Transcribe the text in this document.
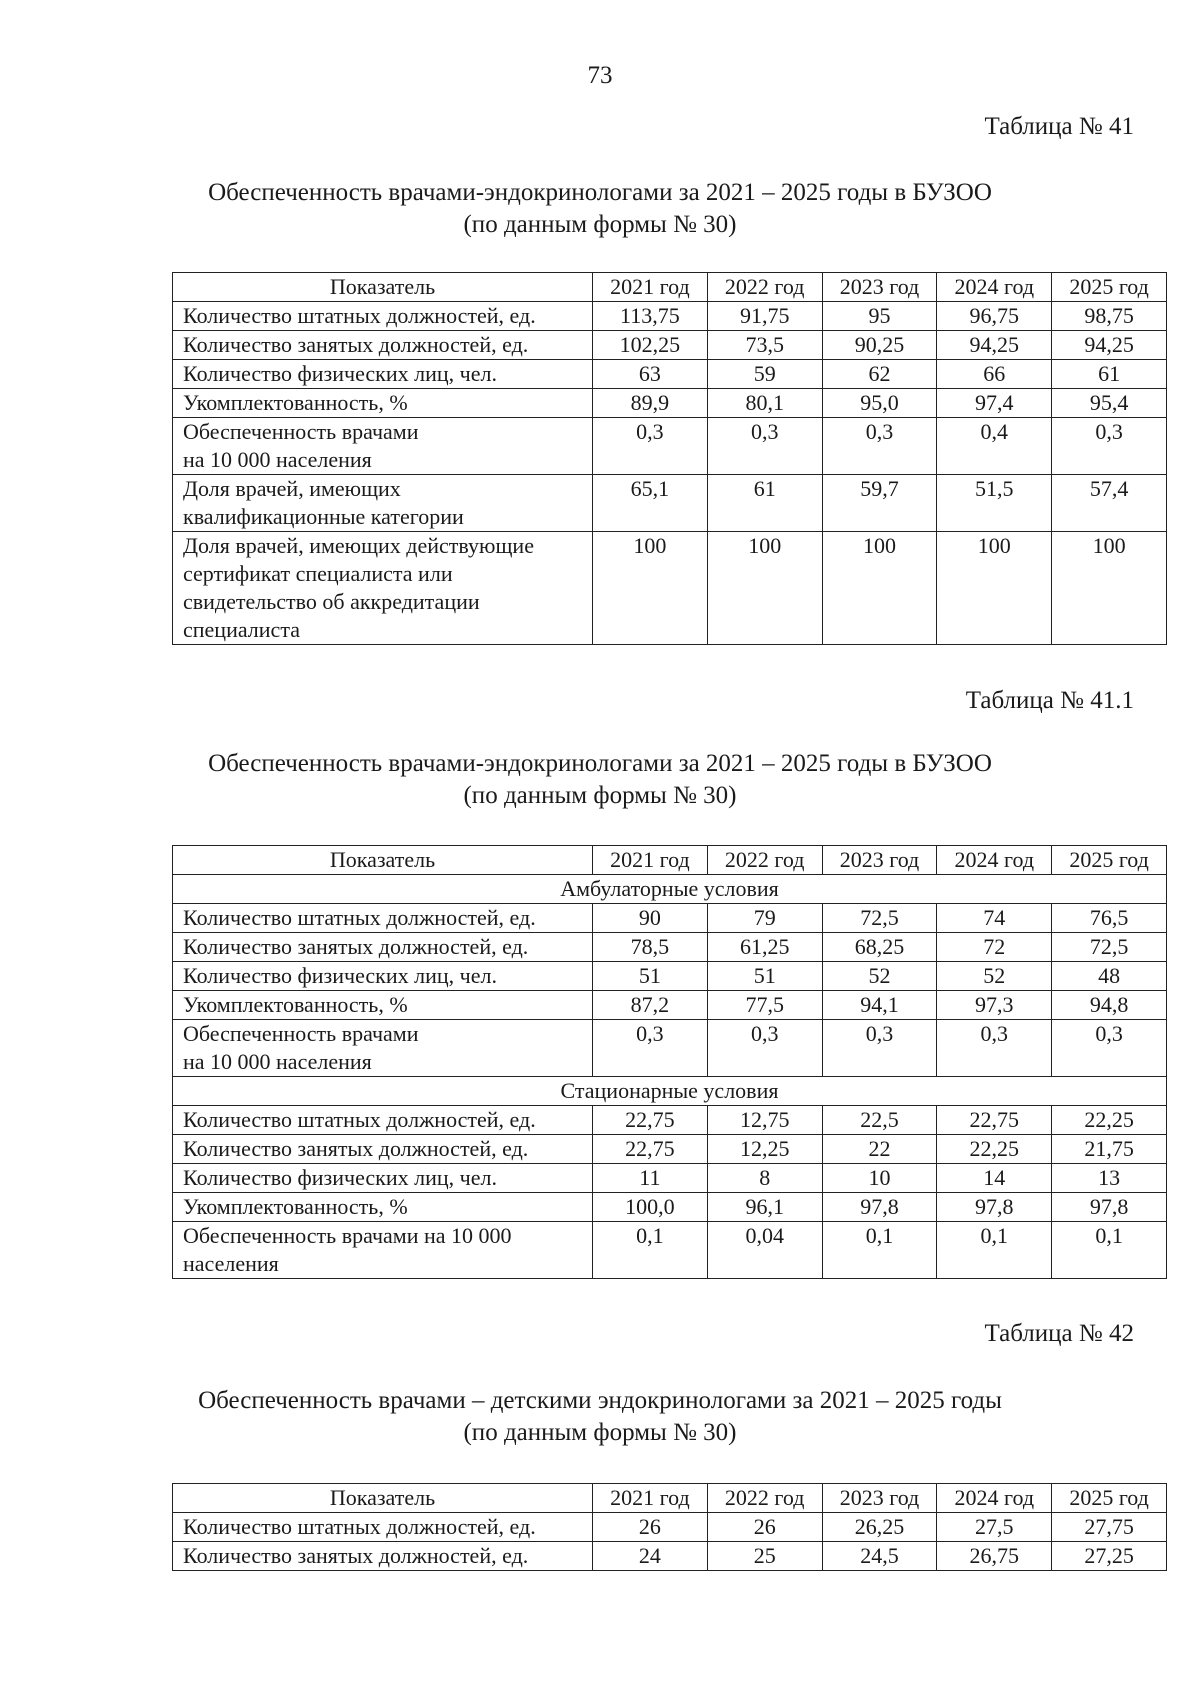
73
Таблица № 41
Обеспеченность врачами-эндокринологами за 2021 – 2025 годы в БУЗОО
(по данным формы № 30)
Показатель	2021 год	2022 год	2023 год	2024 год	2025 год
Количество штатных должностей, ед.	113,75	91,75	95	96,75	98,75
Количество занятых должностей, ед.	102,25	73,5	90,25	94,25	94,25
Количество физических лиц, чел.	63	59	62	66	61
Укомплектованность, %	89,9	80,1	95,0	97,4	95,4

Обеспеченность врачами
на 10 000 населения	0,3	0,3	0,3	0,4	0,3

Доля врачей, имеющих
квалификационные категории	65,1	61	59,7	51,5	57,4

Доля врачей, имеющих действующие
сертификат специалиста или
свидетельство об аккредитации
специалиста	100	100	100	100	100
Таблица № 41.1
Обеспеченность врачами-эндокринологами за 2021 – 2025 годы в БУЗОО
(по данным формы № 30)
Показатель	2021 год	2022 год	2023 год	2024 год	2025 год
Амбулаторные условия					
Количество штатных должностей, ед.	90	79	72,5	74	76,5
Количество занятых должностей, ед.	78,5	61,25	68,25	72	72,5
Количество физических лиц, чел.	51	51	52	52	48
Укомплектованность, %	87,2	77,5	94,1	97,3	94,8

Обеспеченность врачами
на 10 000 населения	0,3	0,3	0,3	0,3	0,3
Стационарные условия					
Количество штатных должностей, ед.	22,75	12,75	22,5	22,75	22,25
Количество занятых должностей, ед.	22,75	12,25	22	22,25	21,75
Количество физических лиц, чел.	11	8	10	14	13
Укомплектованность, %	100,0	96,1	97,8	97,8	97,8

Обеспеченность врачами на 10 000
населения	0,1	0,04	0,1	0,1	0,1
Таблица № 42
Обеспеченность врачами – детскими эндокринологами за 2021 – 2025 годы
(по данным формы № 30)
Показатель	2021 год	2022 год	2023 год	2024 год	2025 год
Количество штатных должностей, ед.	26	26	26,25	27,5	27,75
Количество занятых должностей, ед.	24	25	24,5	26,75	27,25
